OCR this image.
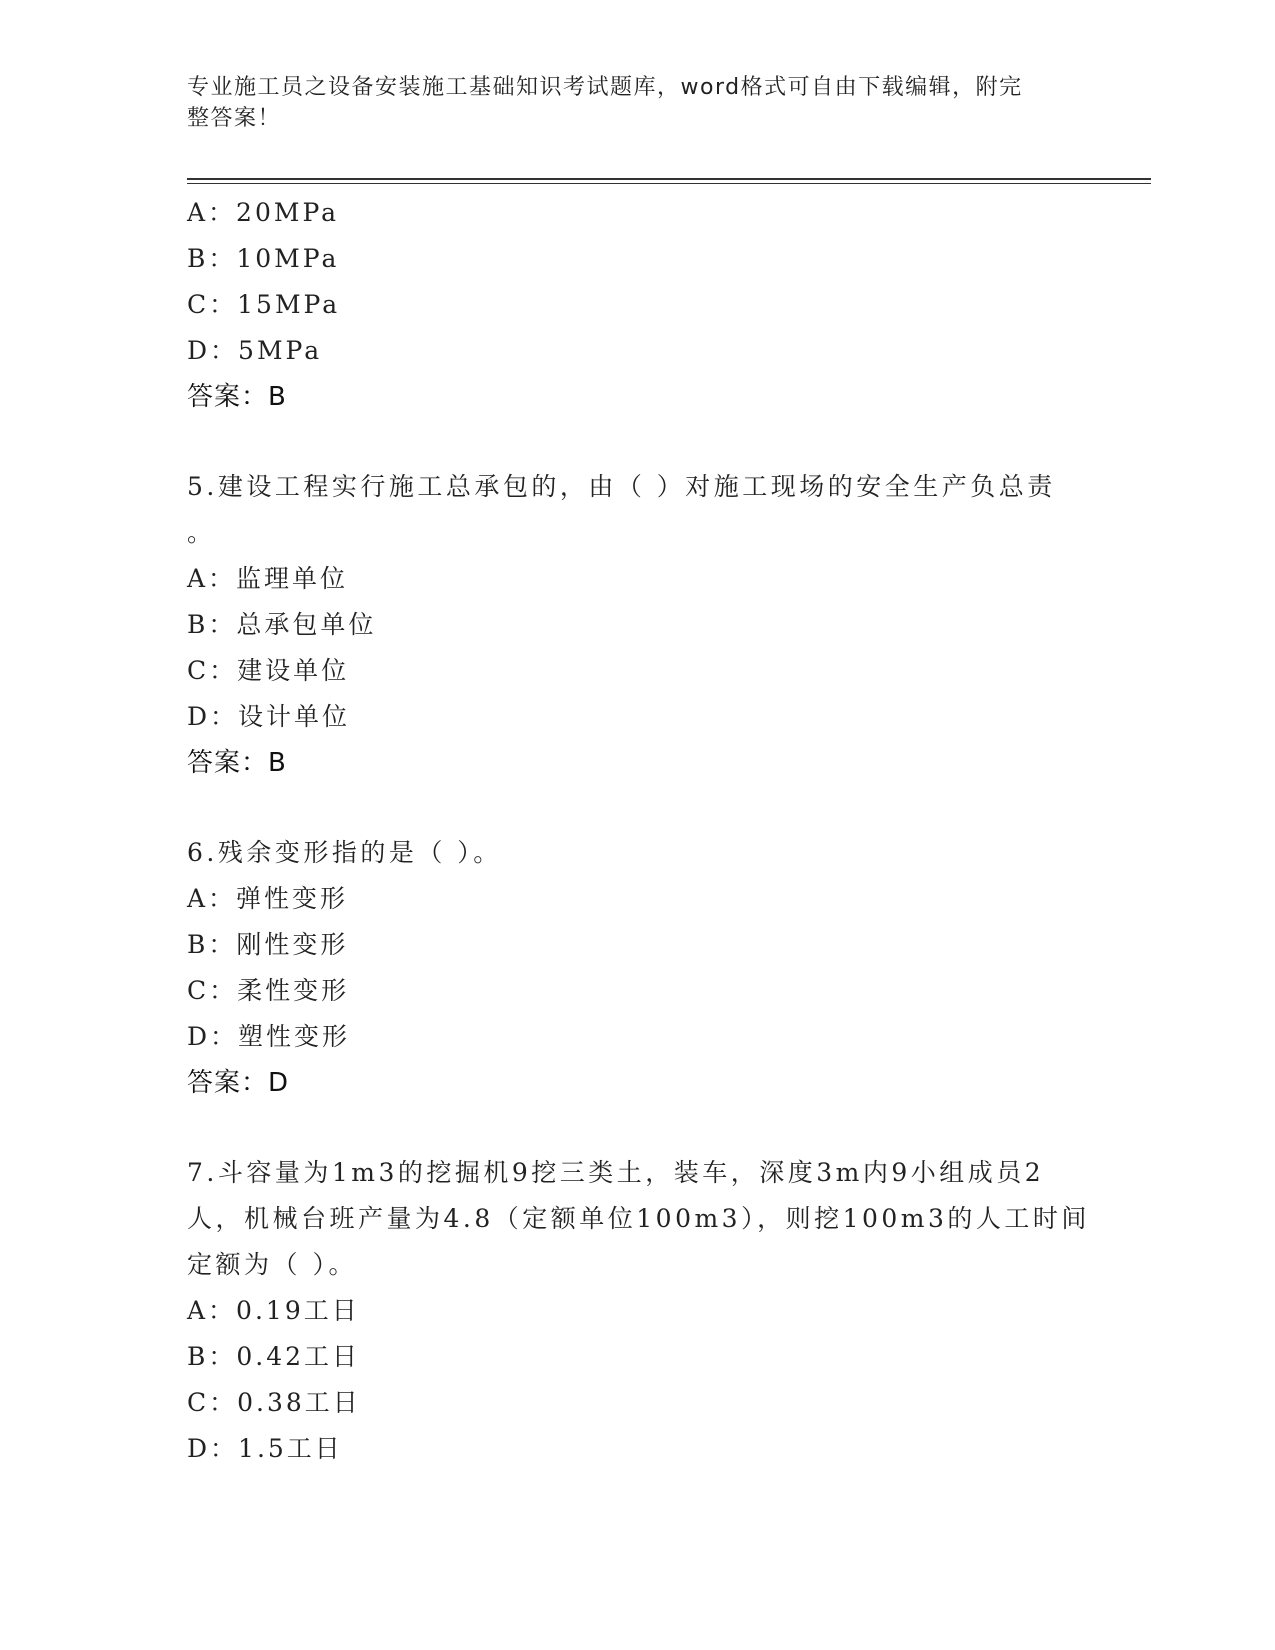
专业施工员之设备安装施工基础知识考试题库，word格式可自由下载编辑，附完
整答案！
A：20MPa
B：10MPa
C：15MPa
D：5MPa
答案：B
5.建设工程实行施工总承包的，由（ ）对施工现场的安全生产负总责
。
A：监理单位
B：总承包单位
C：建设单位
D：设计单位
答案：B
6.残余变形指的是（ ）。
A：弹性变形
B：刚性变形
C：柔性变形
D：塑性变形
答案：D
7.斗容量为1m3的挖掘机9挖三类土，装车，深度3m内9小组成员2
人，机械台班产量为4.8（定额单位100m3），则挖100m3的人工时间
定额为（ ）。
A：0.19工日
B：0.42工日
C：0.38工日
D：1.5工日
